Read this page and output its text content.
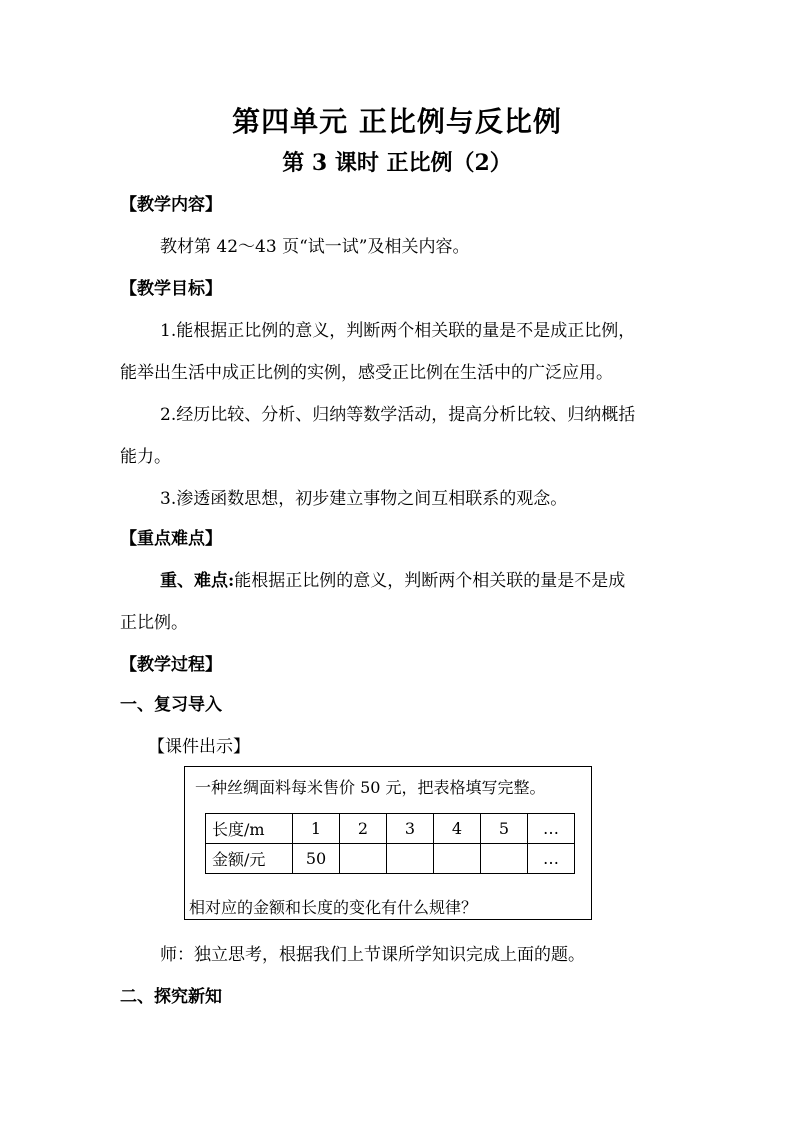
第四单元 正比例与反比例
第 3 课时 正比例（2）
【教学内容】
教材第 42～43 页“试一试”及相关内容。
【教学目标】
1.能根据正比例的意义，判断两个相关联的量是不是成正比例，
能举出生活中成正比例的实例，感受正比例在生活中的广泛应用。
2.经历比较、分析、归纳等数学活动，提高分析比较、归纳概括
能力。
3.渗透函数思想，初步建立事物之间互相联系的观念。
【重点难点】
重、难点:能根据正比例的意义，判断两个相关联的量是不是成
正比例。
【教学过程】
一、复习导入
【课件出示】
一种丝绸面料每米售价 50 元，把表格填写完整。
长度/m	1	2	3	4	5	…
金额/元	50					…
相对应的金额和长度的变化有什么规律？
师：独立思考，根据我们上节课所学知识完成上面的题。
二、探究新知
